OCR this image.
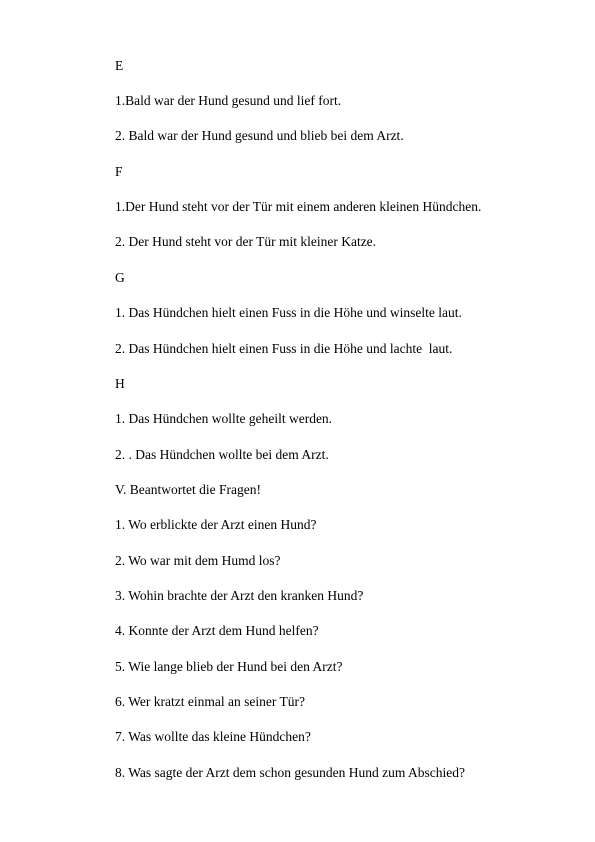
E
1.Bald war der Hund gesund und lief fort.
2. Bald war der Hund gesund und blieb bei dem Arzt.
F
1.Der Hund steht vor der Tür mit einem anderen kleinen Hündchen.
2. Der Hund steht vor der Tür mit kleiner Katze.
G
1. Das Hündchen hielt einen Fuss in die Höhe und winselte laut.
2. Das Hündchen hielt einen Fuss in die Höhe und lachte  laut.
H
1. Das Hündchen wollte geheilt werden.
2. . Das Hündchen wollte bei dem Arzt.
V. Beantwortet die Fragen!
1. Wo erblickte der Arzt einen Hund?
2. Wo war mit dem Humd los?
3. Wohin brachte der Arzt den kranken Hund?
4. Konnte der Arzt dem Hund helfen?
5. Wie lange blieb der Hund bei den Arzt?
6. Wer kratzt einmal an seiner Tür?
7. Was wollte das kleine Hündchen?
8. Was sagte der Arzt dem schon gesunden Hund zum Abschied?
